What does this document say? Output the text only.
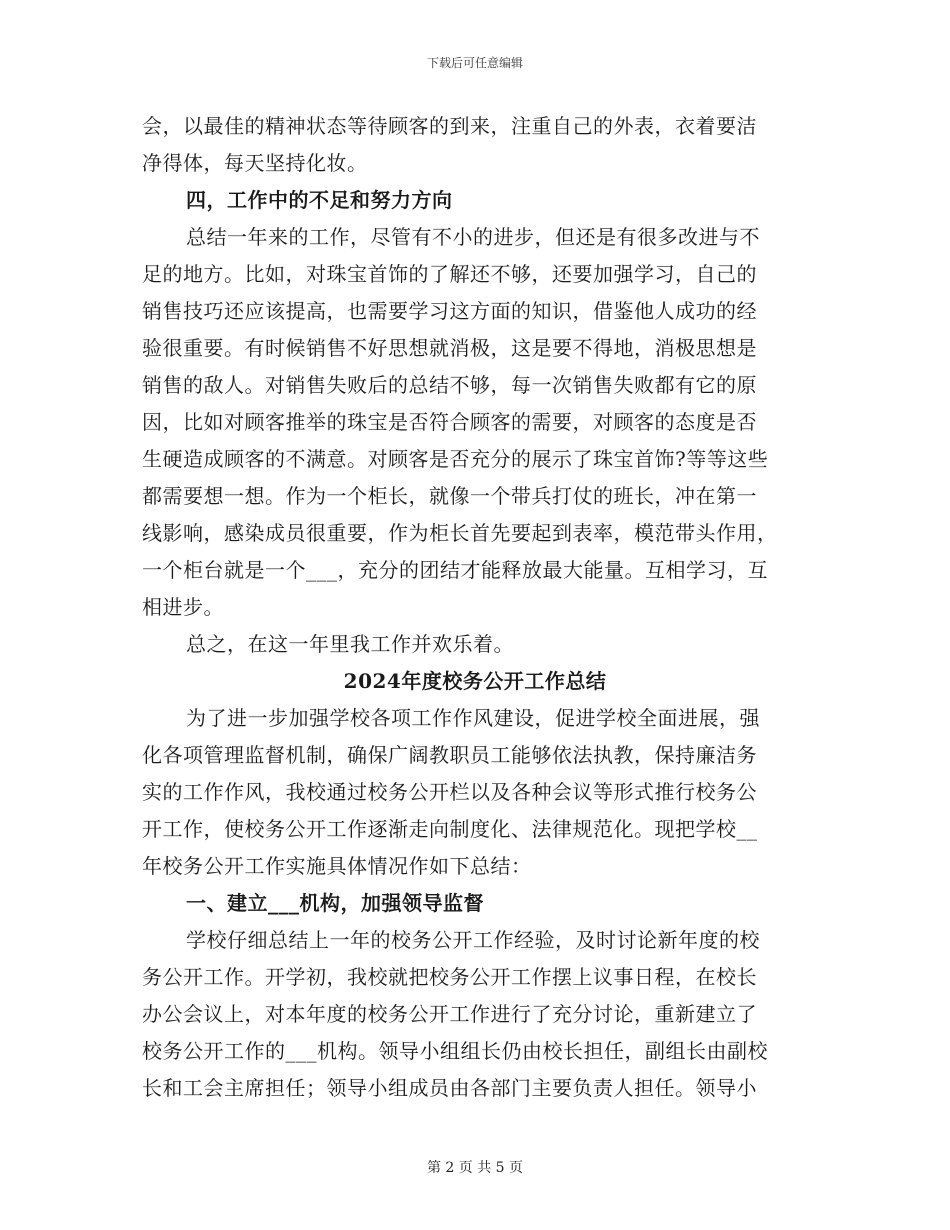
下载后可任意编辑
会，以最佳的精神状态等待顾客的到来，注重自己的外表，衣着要洁
净得体，每天坚持化妆。
四，工作中的不足和努力方向
总结一年来的工作，尽管有不小的进步，但还是有很多改进与不
足的地方。比如，对珠宝首饰的了解还不够，还要加强学习，自己的
销售技巧还应该提高，也需要学习这方面的知识，借鉴他人成功的经
验很重要。有时候销售不好思想就消极，这是要不得地，消极思想是
销售的敌人。对销售失败后的总结不够，每一次销售失败都有它的原
因，比如对顾客推举的珠宝是否符合顾客的需要，对顾客的态度是否
生硬造成顾客的不满意。对顾客是否充分的展示了珠宝首饰?等等这些
都需要想一想。作为一个柜长，就像一个带兵打仗的班长，冲在第一
线影响，感染成员很重要，作为柜长首先要起到表率，模范带头作用，
一个柜台就是一个___，充分的团结才能释放最大能量。互相学习，互
相进步。
总之，在这一年里我工作并欢乐着。
2024年度校务公开工作总结
为了进一步加强学校各项工作作风建设，促进学校全面进展，强
化各项管理监督机制，确保广阔教职员工能够依法执教，保持廉洁务
实的工作作风，我校通过校务公开栏以及各种会议等形式推行校务公
开工作，使校务公开工作逐渐走向制度化、法律规范化。现把学校__
年校务公开工作实施具体情况作如下总结：
一、建立___机构，加强领导监督
学校仔细总结上一年的校务公开工作经验，及时讨论新年度的校
务公开工作。开学初，我校就把校务公开工作摆上议事日程，在校长
办公会议上，对本年度的校务公开工作进行了充分讨论，重新建立了
校务公开工作的___机构。领导小组组长仍由校长担任，副组长由副校
长和工会主席担任；领导小组成员由各部门主要负责人担任。领导小
第 2 页 共 5 页
